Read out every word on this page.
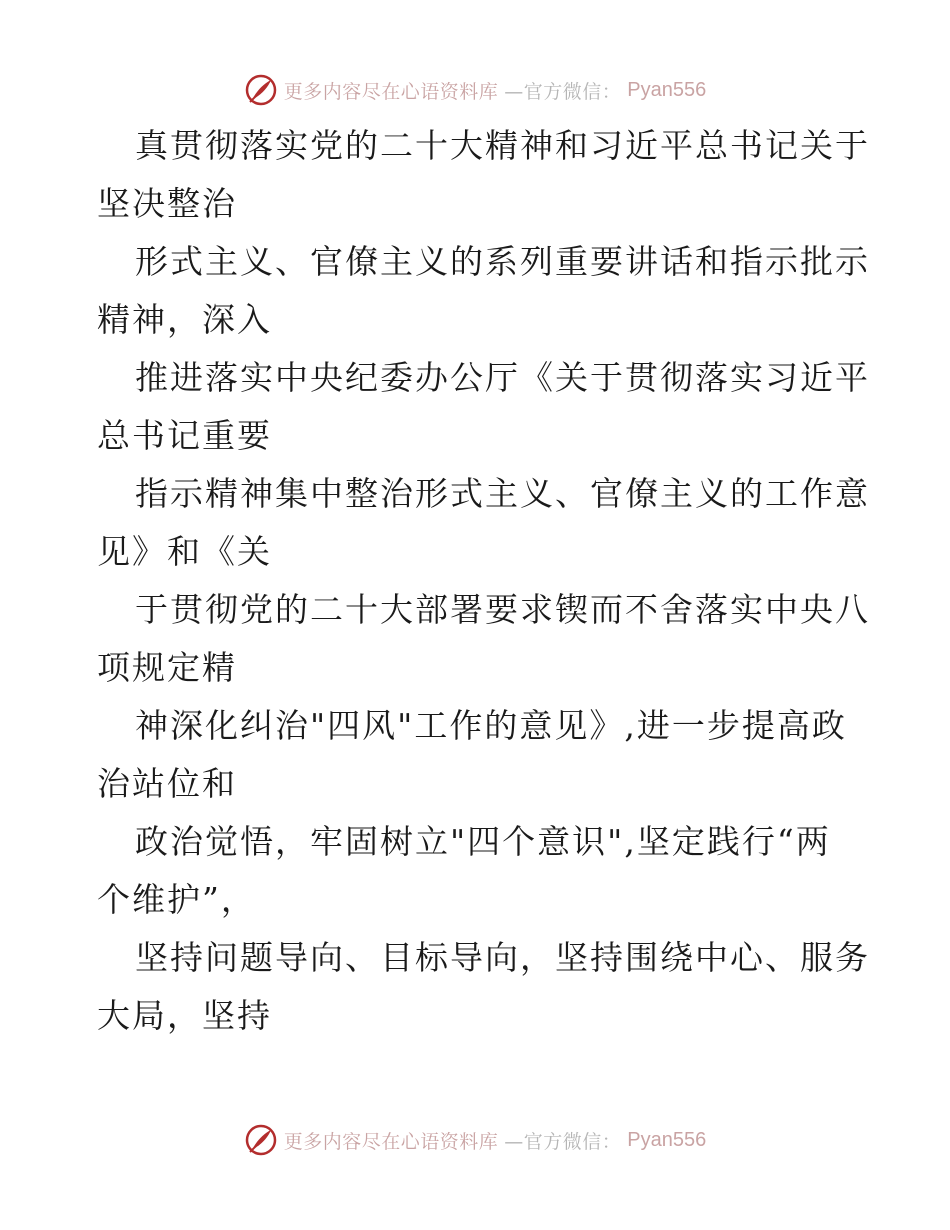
更多内容尽在心语资料库 —官方微信： Pyan556
真贯彻落实党的二十大精神和习近平总书记关于
坚决整治
形式主义、官僚主义的系列重要讲话和指示批示
精神，深入
推进落实中央纪委办公厅《关于贯彻落实习近平
总书记重要
指示精神集中整治形式主义、官僚主义的工作意
见》和《关
于贯彻党的二十大部署要求锲而不舍落实中央八
项规定精
神深化纠治"四风"工作的意见》,进一步提高政
治站位和
政治觉悟，牢固树立"四个意识",坚定践行“两
个维护”，
坚持问题导向、目标导向，坚持围绕中心、服务
大局，坚持
更多内容尽在心语资料库 —官方微信： Pyan556
